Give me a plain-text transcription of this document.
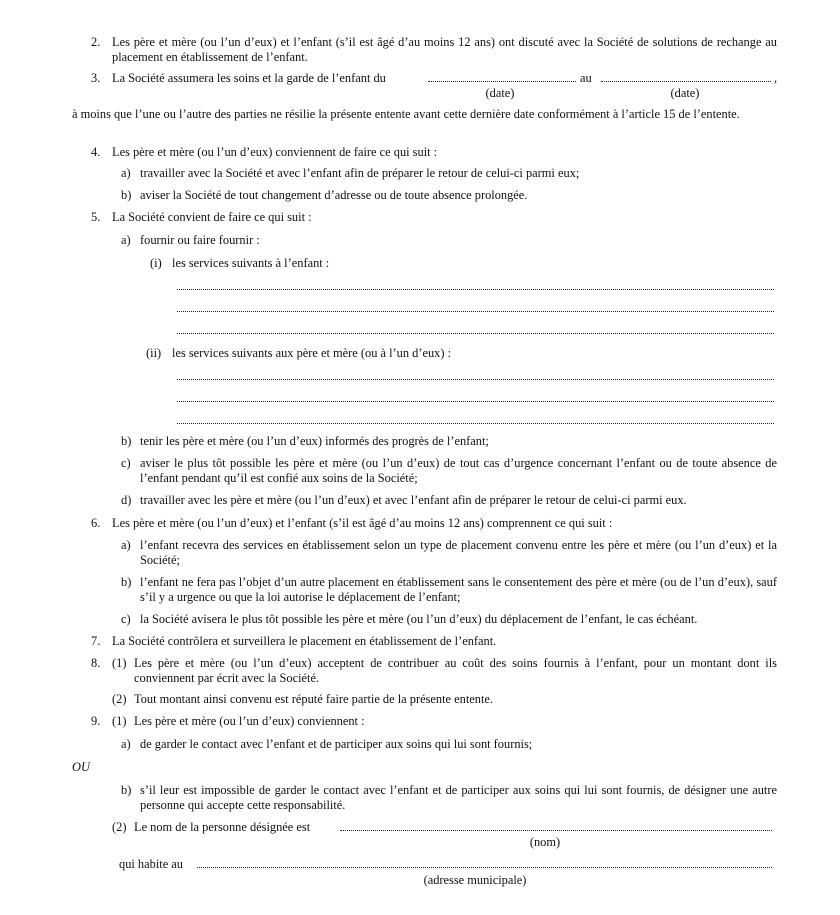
2. Les père et mère (ou l’un d’eux) et l’enfant (s’il est âgé d’au moins 12 ans) ont discuté avec la Société de solutions de rechange au placement en établissement de l’enfant.
3. La Société assumera les soins et la garde de l’enfant du	au	,
(date)	(date)
à moins que l’une ou l’autre des parties ne résilie la présente entente avant cette dernière date conformément à l’article 15 de l’entente.
4. Les père et mère (ou l’un d’eux) conviennent de faire ce qui suit :
a) travailler avec la Société et avec l’enfant afin de préparer le retour de celui-ci parmi eux;
b) aviser la Société de tout changement d’adresse ou de toute absence prolongée.
5. La Société convient de faire ce qui suit :
a) fournir ou faire fournir :
(i) les services suivants à l’enfant :
(ii) les services suivants aux père et mère (ou à l’un d’eux) :
b) tenir les père et mère (ou l’un d’eux) informés des progrès de l’enfant;
c) aviser le plus tôt possible les père et mère (ou l’un d’eux) de tout cas d’urgence concernant l’enfant ou de toute absence de l’enfant pendant qu’il est confié aux soins de la Société;
d) travailler avec les père et mère (ou l’un d’eux) et avec l’enfant afin de préparer le retour de celui-ci parmi eux.
6. Les père et mère (ou l’un d’eux) et l’enfant (s’il est âgé d’au moins 12 ans) comprennent ce qui suit :
a) l’enfant recevra des services en établissement selon un type de placement convenu entre les père et mère (ou l’un d’eux) et la Société;
b) l’enfant ne fera pas l’objet d’un autre placement en établissement sans le consentement des père et mère (ou de l’un d’eux), sauf s’il y a urgence ou que la loi autorise le déplacement de l’enfant;
c) la Société avisera le plus tôt possible les père et mère (ou l’un d’eux) du déplacement de l’enfant, le cas échéant.
7. La Société contrôlera et surveillera le placement en établissement de l’enfant.
8. (1) Les père et mère (ou l’un d’eux) acceptent de contribuer au coût des soins fournis à l’enfant, pour un montant dont ils conviennent par écrit avec la Société.
(2) Tout montant ainsi convenu est réputé faire partie de la présente entente.
9. (1) Les père et mère (ou l’un d’eux) conviennent :
a) de garder le contact avec l’enfant et de participer aux soins qui lui sont fournis;
OU
b) s’il leur est impossible de garder le contact avec l’enfant et de participer aux soins qui lui sont fournis, de désigner une autre personne qui accepte cette responsabilité.
(2) Le nom de la personne désignée est
(nom)
qui habite au
(adresse municipale)
